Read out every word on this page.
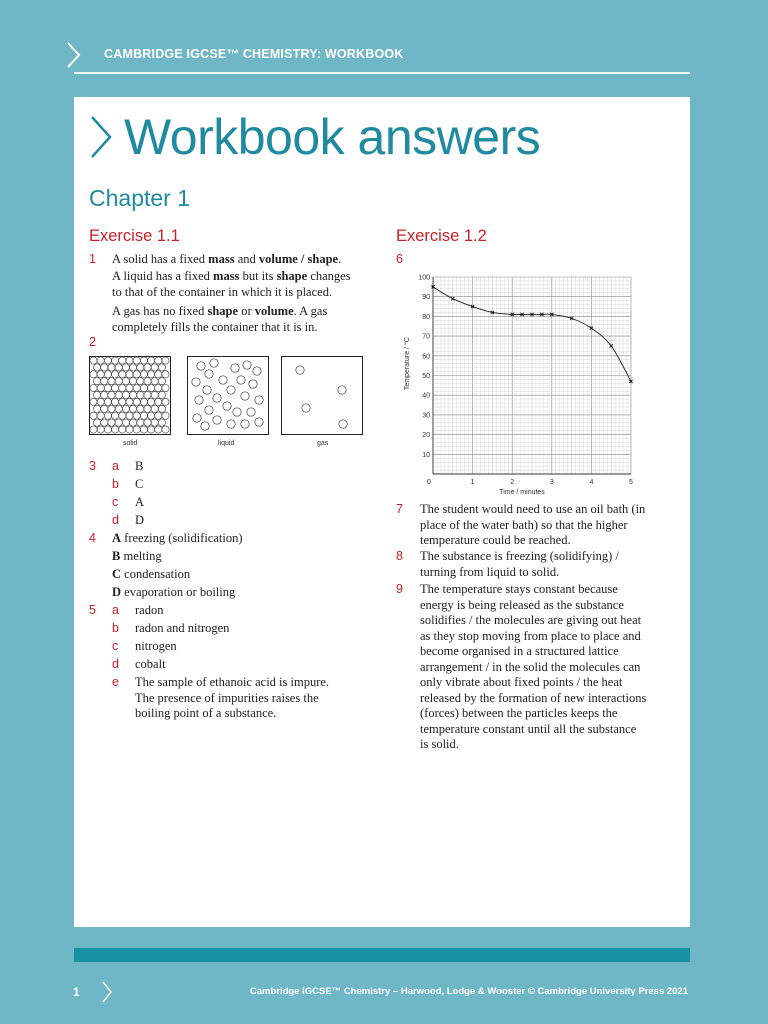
CAMBRIDGE IGCSE™ CHEMISTRY: WORKBOOK
Workbook answers
Chapter 1
Exercise 1.1
1 A solid has a fixed mass and volume / shape.
A liquid has a fixed mass but its shape changes
to that of the container in which it is placed.
A gas has no fixed shape or volume. A gas
completely fills the container that it is in.
2
solid	liquid	gas
3 a B
b C
c A
d D
4 A freezing (solidification)
B melting
C condensation
D evaporation or boiling
5 a radon
b radon and nitrogen
c nitrogen
d cobalt
e The sample of ethanoic acid is impure.
The presence of impurities raises the
boiling point of a substance.
Exercise 1.2
6
10
20
30
40
50
60
70
80
90
100
0	1	2	3	4	5
Time / minutes
Temperature / °C
7 The student would need to use an oil bath (in
place of the water bath) so that the higher
temperature could be reached.
8 The substance is freezing (solidifying) /
turning from liquid to solid.
9 The temperature stays constant because
energy is being released as the substance
solidifies / the molecules are giving out heat
as they stop moving from place to place and
become organised in a structured lattice
arrangement / in the solid the molecules can
only vibrate about fixed points / the heat
released by the formation of new interactions
(forces) between the particles keeps the
temperature constant until all the substance
is solid.
1	Cambridge IGCSE™ Chemistry – Harwood, Lodge & Wooster © Cambridge University Press 2021
